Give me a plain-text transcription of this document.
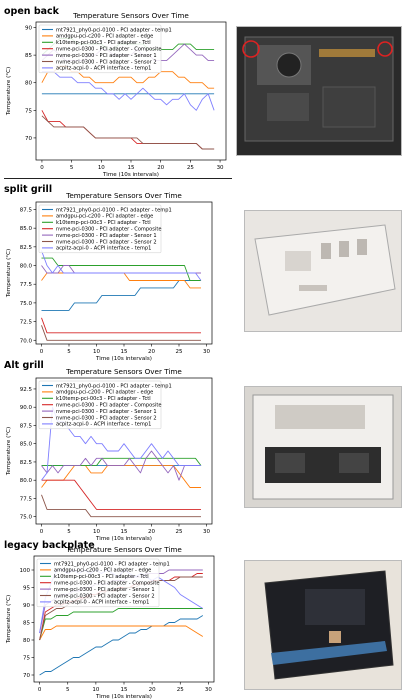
open back Temperature Sensors Over Time
0	5	10	15	20	25	30
70
75
80
85
90
Time (10s intervals)
Temperature (°C)
mt7921_phy0-pci-0100 - PCI adapter - temp1
amdgpu-pci-c200 - PCI adapter - edge
k10temp-pci-00c3 - PCI adapter - Tctl
nvme-pci-0300 - PCI adapter - Composite
nvme-pci-0300 - PCI adapter - Sensor 1
nvme-pci-0300 - PCI adapter - Sensor 2
acpitz-acpi-0 - ACPI interface - temp1
split grill
Temperature Sensors Over Time
0	5	10	15	20	25	30
70.0
72.5
75.0
77.5
80.0
82.5
85.0
87.5
Time (10s intervals)
Temperature (°C)
mt7921_phy0-pci-0100 - PCI adapter - temp1
amdgpu-pci-c200 - PCI adapter - edge
k10temp-pci-00c3 - PCI adapter - Tctl
nvme-pci-0300 - PCI adapter - Composite
nvme-pci-0300 - PCI adapter - Sensor 1
nvme-pci-0300 - PCI adapter - Sensor 2
acpitz-acpi-0 - ACPI interface - temp1
Alt grill
Temperature Sensors Over Time
0	5	10	15	20	25	30
75.0
77.5
80.0
82.5
85.0
87.5
90.0
92.5
Time (10s intervals)
Temperature (°C)
mt7921_phy0-pci-0100 - PCI adapter - temp1
amdgpu-pci-c200 - PCI adapter - edge
k10temp-pci-00c3 - PCI adapter - Tctl
nvme-pci-0300 - PCI adapter - Composite
nvme-pci-0300 - PCI adapter - Sensor 1
nvme-pci-0300 - PCI adapter - Sensor 2
acpitz-acpi-0 - ACPI interface - temp1
legacy backplate
Temperature Sensors Over Time
0	5	10	15	20	25	30
70
75
80
85
90
95
100
Time (10s intervals)
Temperature (°C)
mt7921_phy0-pci-0100 - PCI adapter - temp1
amdgpu-pci-c200 - PCI adapter - edge
k10temp-pci-00c3 - PCI adapter - Tctl
nvme-pci-0300 - PCI adapter - Composite
nvme-pci-0300 - PCI adapter - Sensor 1
nvme-pci-0300 - PCI adapter - Sensor 2
acpitz-acpi-0 - ACPI interface - temp1
